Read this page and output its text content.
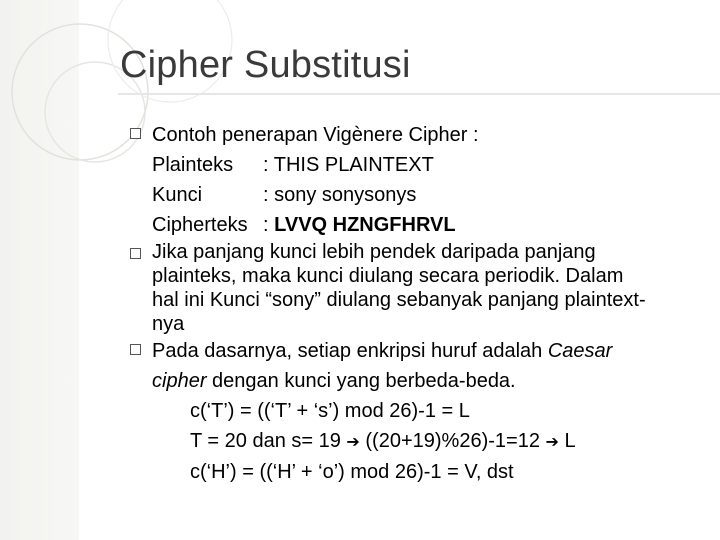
Cipher Substitusi
Contoh penerapan Vigènere Cipher :
Plainteks : THIS PLAINTEXT
Kunci	: sony sonysonys
Cipherteks : LVVQ HZNGFHRVL
Jika panjang kunci lebih pendek daripada panjang
plainteks, maka kunci diulang secara periodik. Dalam
hal ini Kunci “sony” diulang sebanyak panjang plaintext-
nya
Pada dasarnya, setiap enkripsi huruf adalah Caesar
cipher dengan kunci yang berbeda-beda.
c(‘T’) = ((‘T’ + ‘s’) mod 26)-1 = L
T = 20 dan s= 19 ➔ ((20+19)%26)-1=12 ➔ L
c(‘H’) = ((‘H’ + ‘o’) mod 26)-1 = V, dst
